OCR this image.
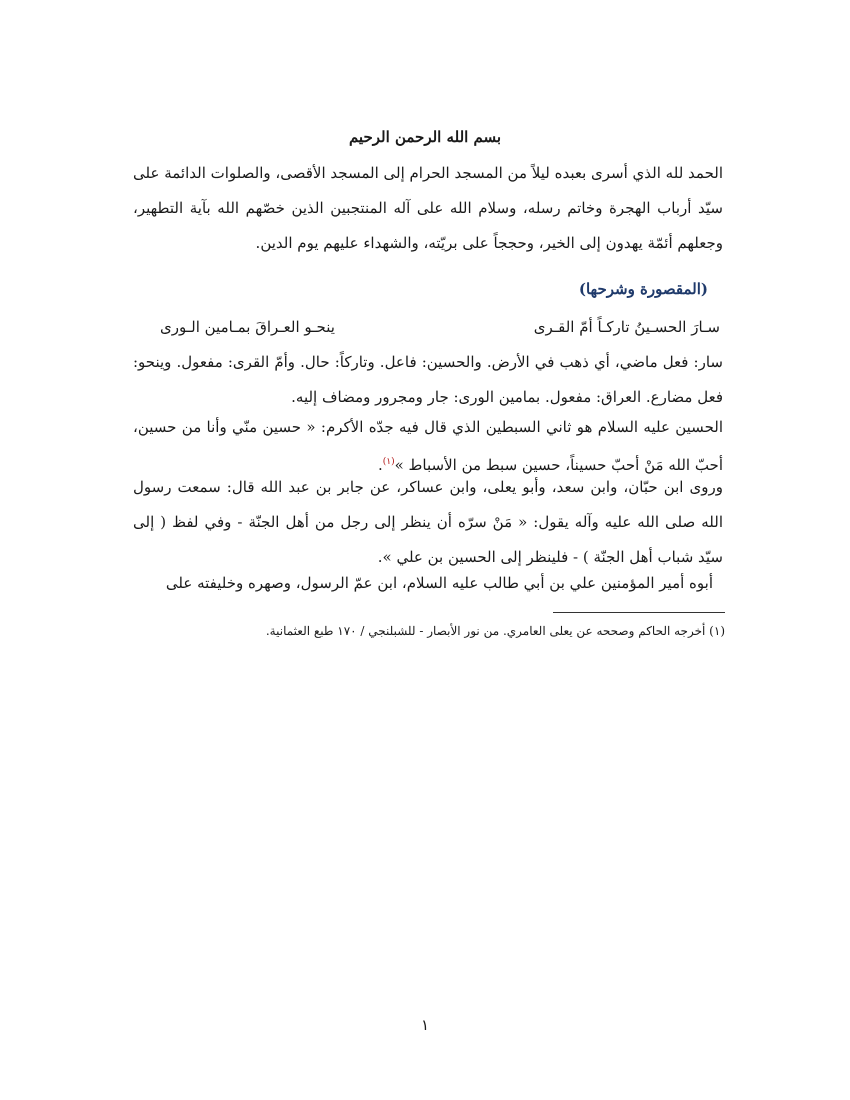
بسم الله الرحمن الرحيم

الحمد لله الذي أسرى بعبده ليلاً من المسجد الحرام إلى المسجد الأقصى، والصلوات الدائمة على سيّد أرباب الهجرة وخاتم رسله، وسلام الله على آله المنتجبين الذين خصّهم الله بآية التطهير، وجعلهم أئمّة يهدون إلى الخير، وحججاً على بريّته، والشهداء عليهم يوم الدين.

(المقصورة وشرحها)
سـارَ الحسـينُ تاركـاً أمّ القـرى
ينحـو العـراقَ بمـامين الـورى

سار: فعل ماضي، أي ذهب في الأرض. والحسين: فاعل. وتاركاً: حال. وأمّ القرى: مفعول. وينحو: فعل مضارع. العراق: مفعول. بمامين الورى: جار ومجرور ومضاف إليه.

الحسين عليه السلام هو ثاني السبطين الذي قال فيه جدّه الأكرم: « حسين منّي وأنا من حسين، أحبّ الله مَنْ أحبّ حسيناً، حسين سبط من الأسباط »$^{(١)}$.

وروى ابن حبّان، وابن سعد، وأبو يعلى، وابن عساكر، عن جابر بن عبد الله قال: سمعت رسول الله صلى الله عليه وآله يقول: « مَنْ سرّه أن ينظر إلى رجل من أهل الجنّة - وفي لفظ ( إلى سيّد شباب أهل الجنّة ) - فلينظر إلى الحسين بن علي ».

أبوه أمير المؤمنين علي بن أبي طالب عليه السلام، ابن عمّ الرسول، وصهره وخليفته على

(١) أخرجه الحاكم وصححه عن يعلى العامري. من نور الأبصار - للشبلنجي / ١٧٠ طبع العثمانية.
١
